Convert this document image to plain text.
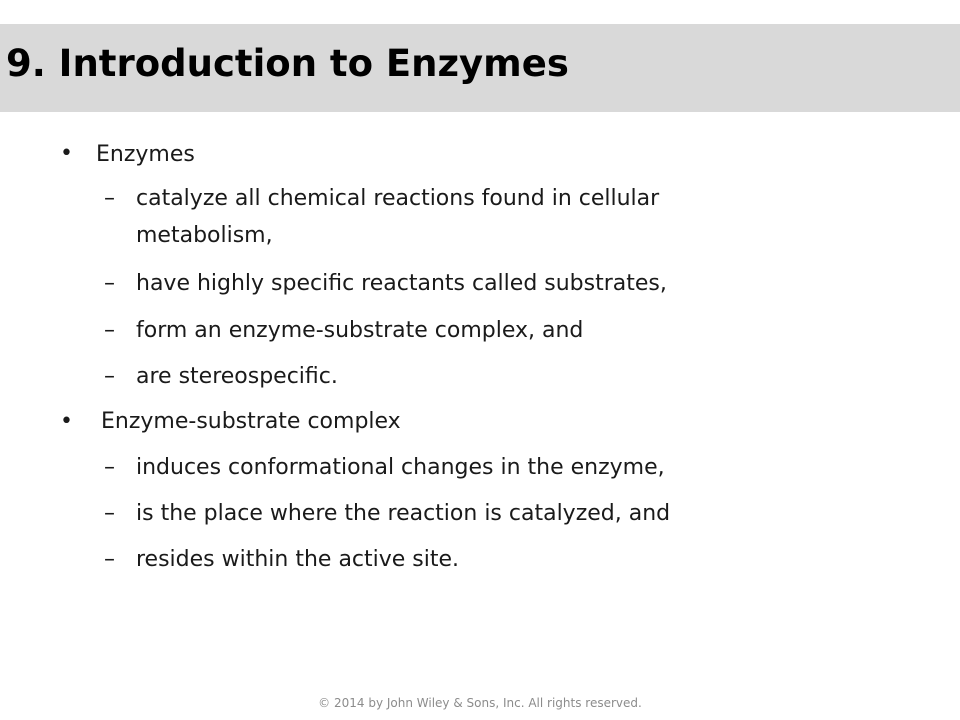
9. Introduction to Enzymes
• Enzymes
– catalyze all chemical reactions found in cellular
metabolism,
– have highly specific reactants called substrates,
– form an enzyme-substrate complex, and
– are stereospecific.
• Enzyme-substrate complex
– induces conformational changes in the enzyme,
– is the place where the reaction is catalyzed, and
– resides within the active site.
© 2014 by John Wiley & Sons, Inc. All rights reserved.
